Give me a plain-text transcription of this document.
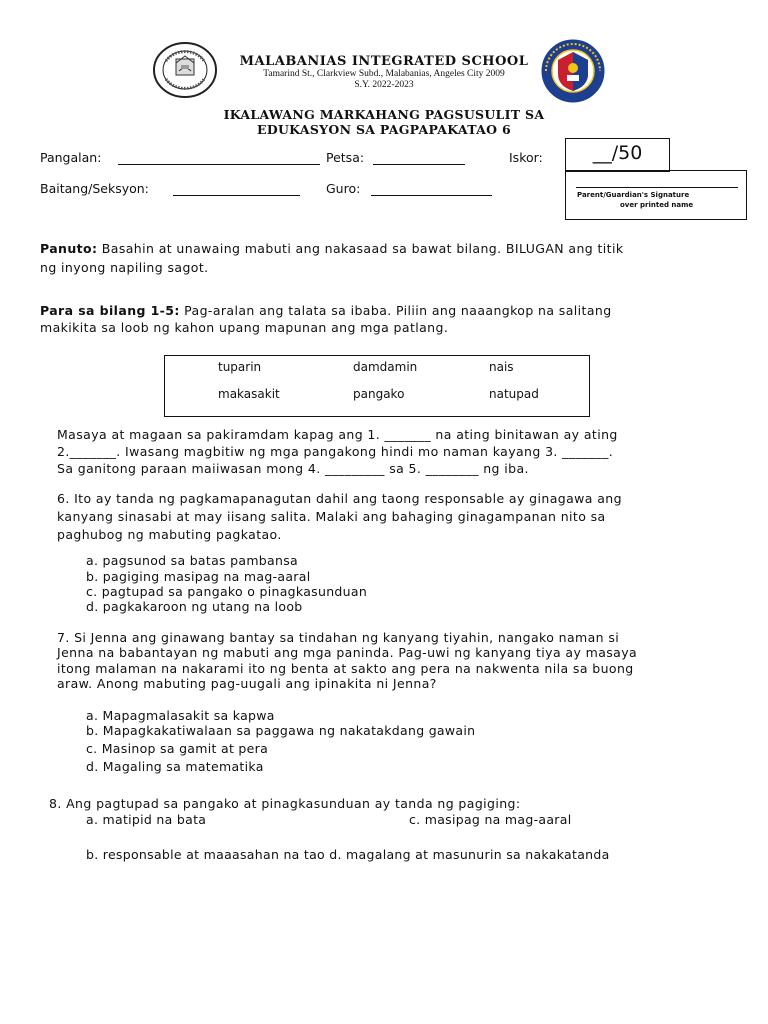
MALABANIAS INTEGRATED SCHOOL
Tamarind St., Clarkview Subd., Malabanias, Angeles City 2009
S.Y. 2022-2023
IKALAWANG MARKAHANG PAGSUSULIT SA
EDUKASYON SA PAGPAPAKATAO 6
Pangalan:	Petsa:	Iskor:	__/50
Parent/Guardian's Signature
over printed name
Baitang/Seksyon:	Guro:
Panuto: Basahin at unawaing mabuti ang nakasaad sa bawat bilang. BILUGAN ang titik
ng inyong napiling sagot.
Para sa bilang 1-5: Pag-aralan ang talata sa ibaba. Piliin ang naaangkop na salitang
makikita sa loob ng kahon upang mapunan ang mga patlang.
tuparin	damdamin	nais
makasakit	pangako	natupad
Masaya at magaan sa pakiramdam kapag ang 1. _______ na ating binitawan ay ating
2._______. Iwasang magbitiw ng mga pangakong hindi mo naman kayang 3. _______.
Sa ganitong paraan maiiwasan mong 4. _________ sa 5. ________ ng iba.
6. Ito ay tanda ng pagkamapanagutan dahil ang taong responsable ay ginagawa ang
kanyang sinasabi at may iisang salita. Malaki ang bahaging ginagampanan nito sa
paghubog ng mabuting pagkatao.
a. pagsunod sa batas pambansa
b. pagiging masipag na mag-aaral
c. pagtupad sa pangako o pinagkasunduan
d. pagkakaroon ng utang na loob
7. Si Jenna ang ginawang bantay sa tindahan ng kanyang tiyahin, nangako naman si
Jenna na babantayan ng mabuti ang mga paninda. Pag-uwi ng kanyang tiya ay masaya
itong malaman na nakarami ito ng benta at sakto ang pera na nakwenta nila sa buong
araw. Anong mabuting pag-uugali ang ipinakita ni Jenna?
a. Mapagmalasakit sa kapwa
b. Mapagkakatiwalaan sa paggawa ng nakatakdang gawain
c. Masinop sa gamit at pera
d. Magaling sa matematika
8. Ang pagtupad sa pangako at pinagkasunduan ay tanda ng pagiging:
a. matipid na bata	c. masipag na mag-aaral
b. responsable at maaasahan na tao d. magalang at masunurin sa nakakatanda
